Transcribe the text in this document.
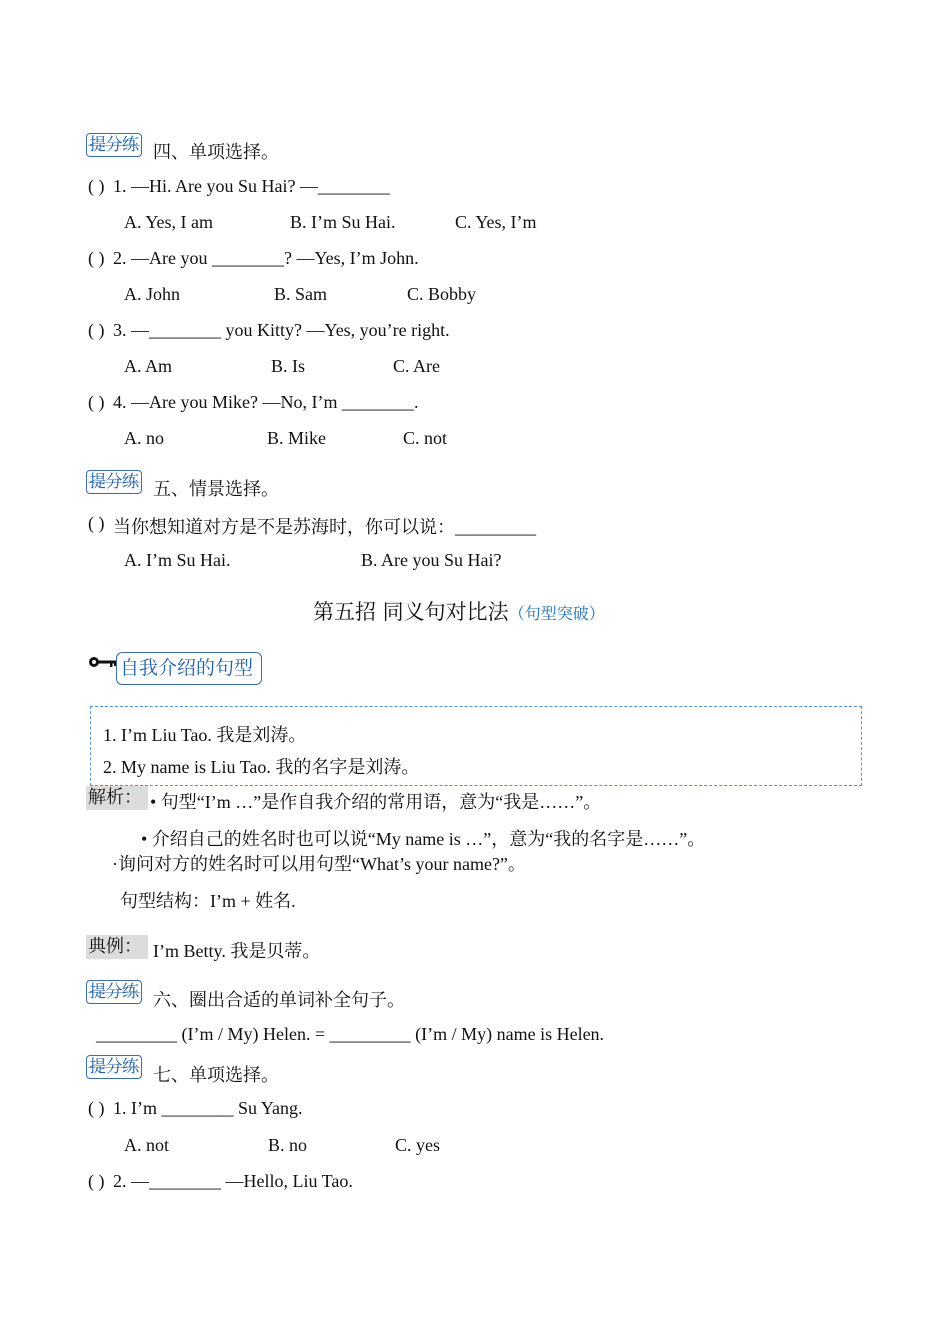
提分练 四、单项选择。
( ) 1. —Hi. Are you Su Hai? —________
A. Yes, I am	B. I’m Su Hai.	C. Yes, I’m
( ) 2. —Are you ________? —Yes, I’m John.
A. John	B. Sam	C. Bobby
( ) 3. —________ you Kitty? —Yes, you’re right.
A. Am	B. Is	C. Are
( ) 4. —Are you Mike? —No, I’m ________.
A. no	B. Mike	C. not
提分练 五、情景选择。
( ) 当你想知道对方是不是苏海时，你可以说：_________
A. I’m Su Hai.	B. Are you Su Hai?
第五招 同义句对比法（句型突破）
自我介绍的句型
1. I’m Liu Tao. 我是刘涛。
2. My name is Liu Tao. 我的名字是刘涛。
解析： • 句型“I’m …”是作自我介绍的常用语，意为“我是……”。
• 介绍自己的姓名时也可以说“My name is …”，意为“我的名字是……”。
·询问对方的姓名时可以用句型“What’s your name?”。
句型结构：I’m + 姓名.
典例： I’m Betty. 我是贝蒂。
提分练 六、圈出合适的单词补全句子。
_________ (I’m / My) Helen. = _________ (I’m / My) name is Helen.
提分练 七、单项选择。
( ) 1. I’m ________ Su Yang.
A. not	B. no	C. yes
( ) 2. —________ —Hello, Liu Tao.
